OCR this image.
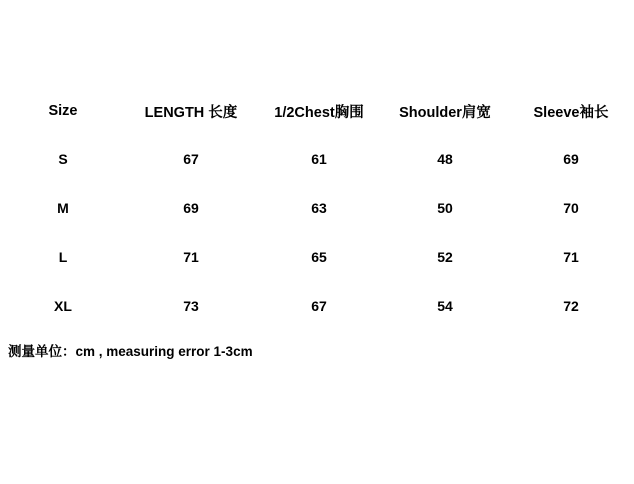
Size	LENGTH 长度	1/2Chest胸围	Shoulder肩宽	Sleeve袖长
S	67	61	48	69
M	69	63	50	70
L	71	65	52	71
XL	73	67	54	72
测量单位：cm , measuring error 1-3cm
